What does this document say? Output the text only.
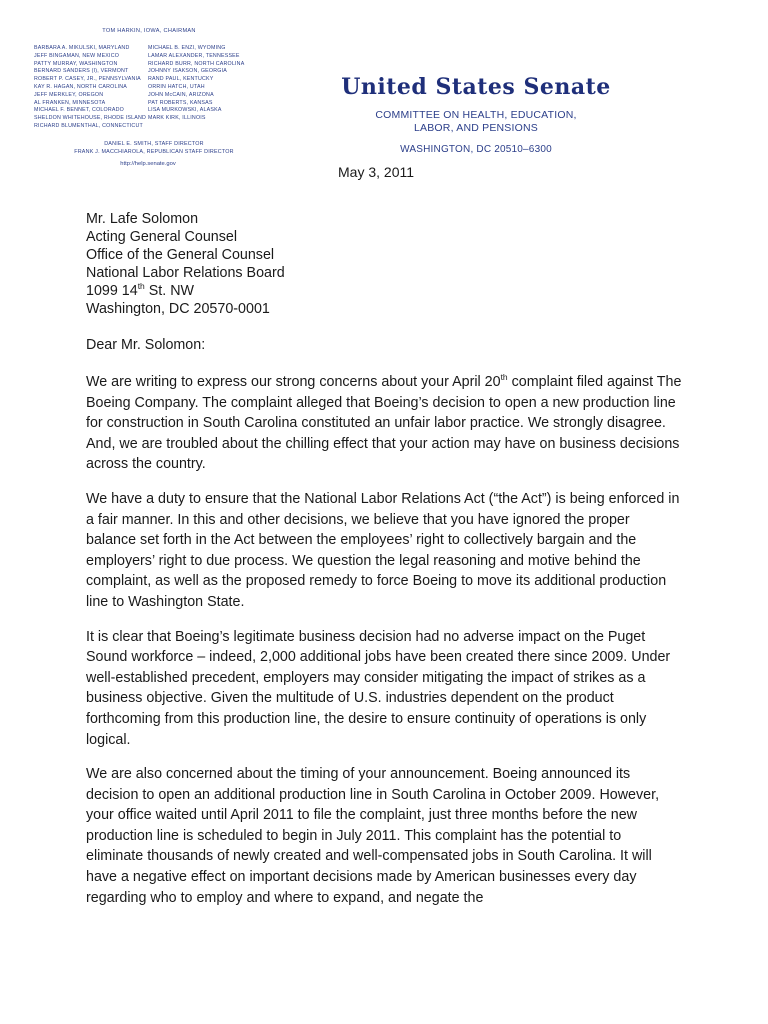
TOM HARKIN, IOWA, CHAIRMAN
BARBARA A. MIKULSKI, MARYLAND
JEFF BINGAMAN, NEW MEXICO
PATTY MURRAY, WASHINGTON
BERNARD SANDERS (I), VERMONT
ROBERT P. CASEY, JR., PENNSYLVANIA
KAY R. HAGAN, NORTH CAROLINA
JEFF MERKLEY, OREGON
AL FRANKEN, MINNESOTA
MICHAEL F. BENNET, COLORADO
SHELDON WHITEHOUSE, RHODE ISLAND
RICHARD BLUMENTHAL, CONNECTICUT
MICHAEL B. ENZI, WYOMING
LAMAR ALEXANDER, TENNESSEE
RICHARD BURR, NORTH CAROLINA
JOHNNY ISAKSON, GEORGIA
RAND PAUL, KENTUCKY
ORRIN HATCH, UTAH
JOHN McCAIN, ARIZONA
PAT ROBERTS, KANSAS
LISA MURKOWSKI, ALASKA
MARK KIRK, ILLINOIS
DANIEL E. SMITH, STAFF DIRECTOR
FRANK J. MACCHIAROLA, REPUBLICAN STAFF DIRECTOR
http://help.senate.gov
United States Senate
COMMITTEE ON HEALTH, EDUCATION,
LABOR, AND PENSIONS
WASHINGTON, DC 20510–6300
May 3, 2011
Mr. Lafe Solomon
Acting General Counsel
Office of the General Counsel
National Labor Relations Board
1099 14th St. NW
Washington, DC 20570-0001

Dear Mr. Solomon:

We are writing to express our strong concerns about your April 20th complaint filed against The Boeing Company. The complaint alleged that Boeing’s decision to open a new production line for construction in South Carolina constituted an unfair labor practice. We strongly disagree. And, we are troubled about the chilling effect that your action may have on business decisions across the country.

We have a duty to ensure that the National Labor Relations Act (“the Act”) is being enforced in a fair manner. In this and other decisions, we believe that you have ignored the proper balance set forth in the Act between the employees’ right to collectively bargain and the employers’ right to due process. We question the legal reasoning and motive behind the complaint, as well as the proposed remedy to force Boeing to move its additional production line to Washington State.

It is clear that Boeing’s legitimate business decision had no adverse impact on the Puget Sound workforce – indeed, 2,000 additional jobs have been created there since 2009. Under well-established precedent, employers may consider mitigating the impact of strikes as a business objective. Given the multitude of U.S. industries dependent on the product forthcoming from this production line, the desire to ensure continuity of operations is only logical.

We are also concerned about the timing of your announcement. Boeing announced its decision to open an additional production line in South Carolina in October 2009. However, your office waited until April 2011 to file the complaint, just three months before the new production line is scheduled to begin in July 2011. This complaint has the potential to eliminate thousands of newly created and well-compensated jobs in South Carolina. It will have a negative effect on important decisions made by American businesses every day regarding who to employ and where to expand, and negate the
